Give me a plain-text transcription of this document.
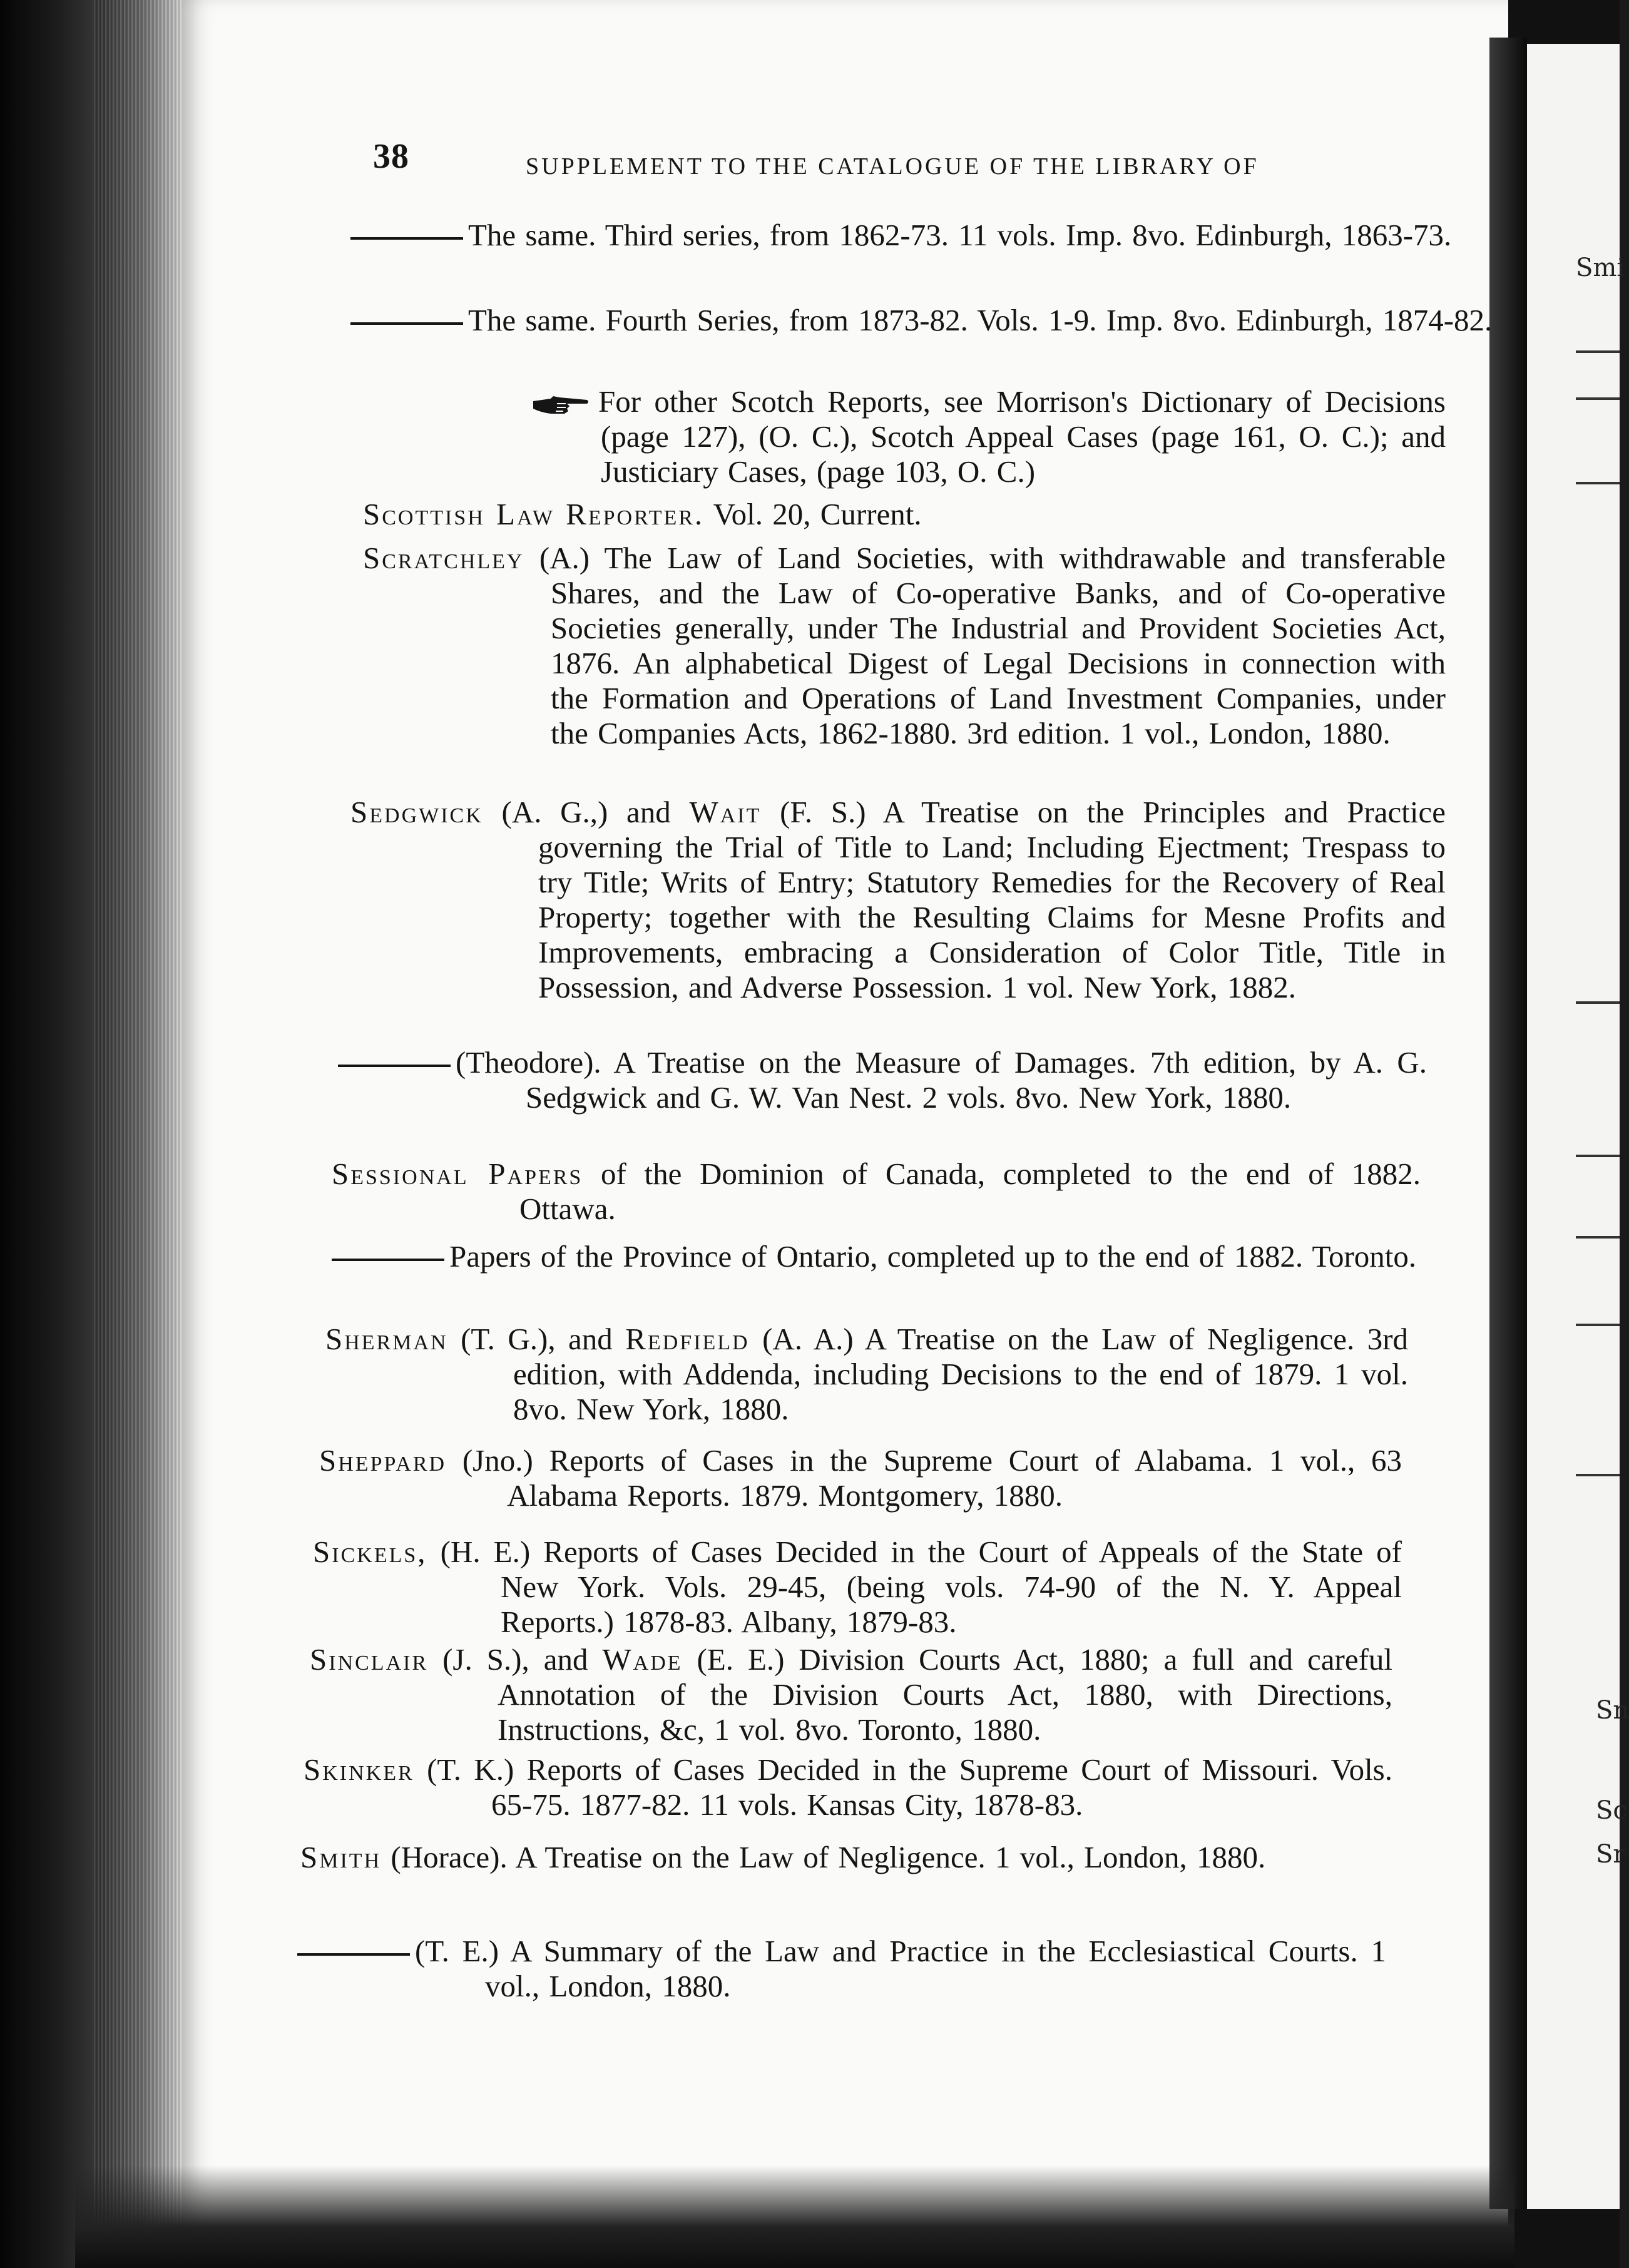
Smi
Sn
Sc
Sr
38	SUPPLEMENT TO THE CATALOGUE OF THE LIBRARY OF
The same. Third series, from 1862-73. 11 vols. Imp. 8vo. Edinburgh, 1863-73.
The same. Fourth Series, from 1873-82. Vols. 1-9. Imp. 8vo. Edinburgh, 1874-82.
For other Scotch Reports, see Morrison's Dictionary of Decisions (page 127), (O. C.), Scotch Appeal Cases (page 161, O. C.); and Justiciary Cases, (page 103, O. C.)
Scottish Law Reporter. Vol. 20, Current.
Scratchley (A.) The Law of Land Societies, with withdrawable and transferable Shares, and the Law of Co-operative Banks, and of Co-operative Societies generally, under The Industrial and Provident Societies Act, 1876. An alphabetical Digest of Legal Decisions in connection with the Formation and Operations of Land Investment Companies, under the Companies Acts, 1862-1880. 3rd edition. 1 vol., London, 1880.
Sedgwick (A. G.,) and Wait (F. S.) A Treatise on the Principles and Practice governing the Trial of Title to Land; Including Ejectment; Trespass to try Title; Writs of Entry; Statutory Remedies for the Recovery of Real Property; together with the Resulting Claims for Mesne Profits and Improvements, embracing a Consideration of Color Title, Title in Possession, and Adverse Possession. 1 vol. New York, 1882.
(Theodore). A Treatise on the Measure of Damages. 7th edition, by A. G. Sedgwick and G. W. Van Nest. 2 vols. 8vo. New York, 1880.
Sessional Papers of the Dominion of Canada, completed to the end of 1882. Ottawa.
Papers of the Province of Ontario, completed up to the end of 1882. Toronto.
Sherman (T. G.), and Redfield (A. A.) A Treatise on the Law of Negligence. 3rd edition, with Addenda, including Decisions to the end of 1879. 1 vol. 8vo. New York, 1880.
Sheppard (Jno.) Reports of Cases in the Supreme Court of Alabama. 1 vol., 63 Alabama Reports. 1879. Montgomery, 1880.
Sickels, (H. E.) Reports of Cases Decided in the Court of Appeals of the State of New York. Vols. 29-45, (being vols. 74-90 of the N. Y. Appeal Reports.) 1878-83. Albany, 1879-83.
Sinclair (J. S.), and Wade (E. E.) Division Courts Act, 1880; a full and careful Annotation of the Division Courts Act, 1880, with Directions, Instructions, &c, 1 vol. 8vo. Toronto, 1880.
Skinker (T. K.) Reports of Cases Decided in the Supreme Court of Missouri. Vols. 65-75. 1877-82. 11 vols. Kansas City, 1878-83.
Smith (Horace). A Treatise on the Law of Negligence. 1 vol., London, 1880.
(T. E.) A Summary of the Law and Practice in the Ecclesiastical Courts. 1 vol., London, 1880.
